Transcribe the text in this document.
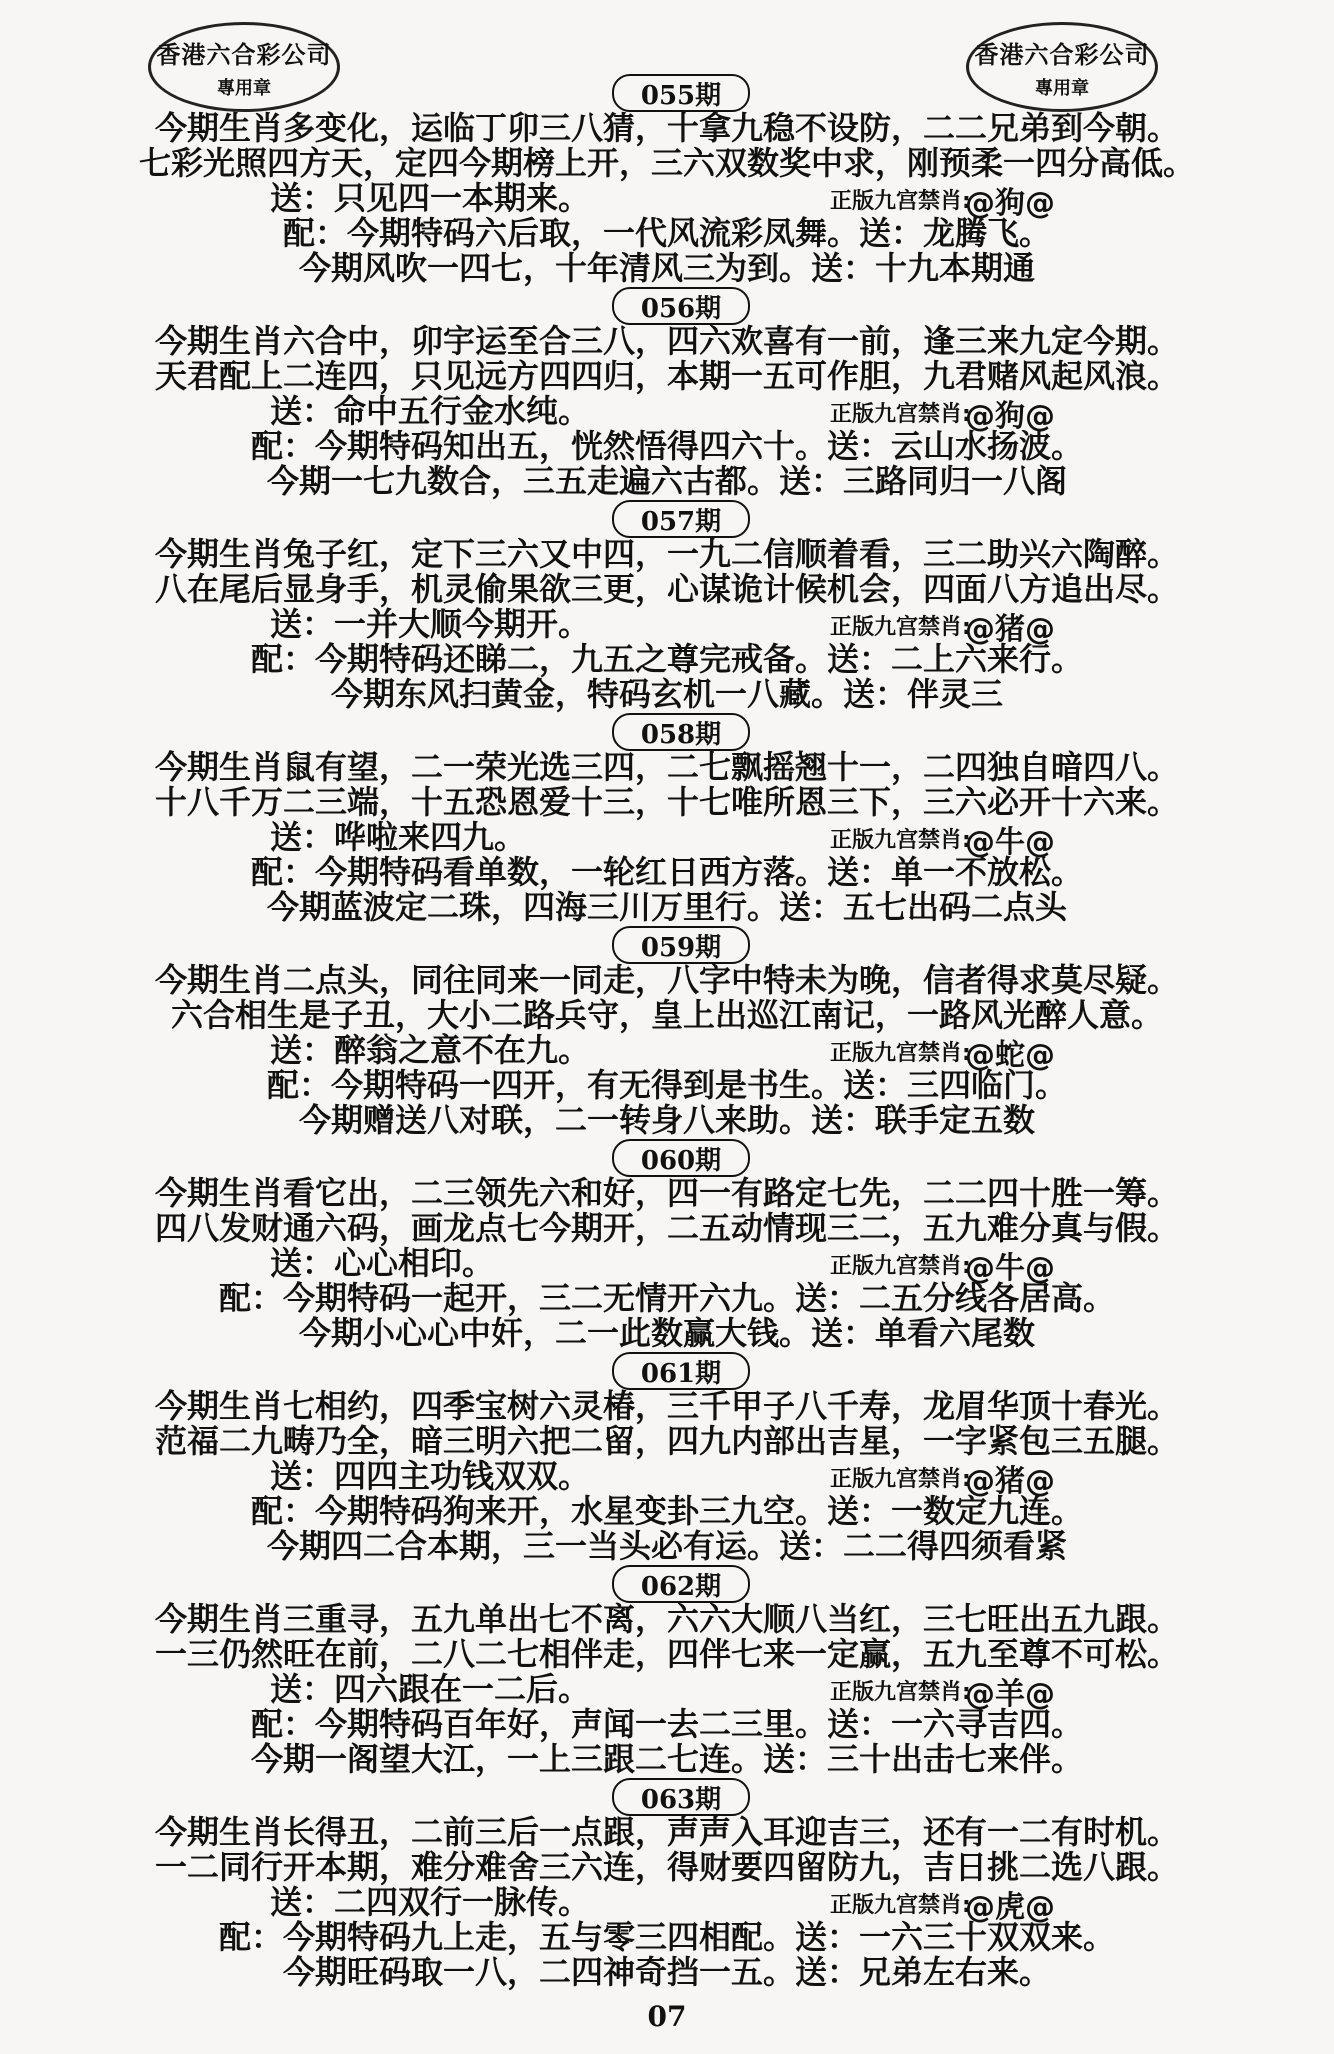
香港六合彩公司
專用章
香港六合彩公司
專用章
055期
今期生肖多变化，运临丁卯三八猜，十拿九稳不设防，二二兄弟到今朝。
七彩光照四方天，定四今期榜上开，三六双数奖中求，刚预柔一四分高低。
送：只见四一本期来。	正版九宫禁肖:
@狗@
配：今期特码六后取，一代风流彩凤舞。送：龙腾飞。
今期风吹一四七，十年清风三为到。送：十九本期通
056期
今期生肖六合中，卯宇运至合三八，四六欢喜有一前，逢三来九定今期。
天君配上二连四，只见远方四四归，本期一五可作胆，九君赌风起风浪。
送：命中五行金水纯。	正版九宫禁肖:
@狗@
配：今期特码知出五，恍然悟得四六十。送：云山水扬波。
今期一七九数合，三五走遍六古都。送：三路同归一八阁
057期
今期生肖兔子红，定下三六又中四，一九二信顺着看，三二助兴六陶醉。
八在尾后显身手，机灵偷果欲三更，心谋诡计候机会，四面八方追出尽。
送：一并大顺今期开。	正版九宫禁肖:
@猪@
配：今期特码还睇二，九五之尊完戒备。送：二上六来行。
今期东风扫黄金，特码玄机一八藏。送：伴灵三
058期
今期生肖鼠有望，二一荣光选三四，二七飘摇翘十一，二四独自暗四八。
十八千万二三端，十五恐恩爱十三，十七唯所恩三下，三六必开十六来。
送：哗啦来四九。	正版九宫禁肖:
@牛@
配：今期特码看单数，一轮红日西方落。送：单一不放松。
今期蓝波定二珠，四海三川万里行。送：五七出码二点头
059期
今期生肖二点头，同往同来一同走，八字中特未为晚，信者得求莫尽疑。
六合相生是子丑，大小二路兵守，皇上出巡江南记，一路风光醉人意。
送：醉翁之意不在九。	正版九宫禁肖:
@蛇@
配：今期特码一四开，有无得到是书生。送：三四临门。
今期赠送八对联，二一转身八来助。送：联手定五数
060期
今期生肖看它出，二三领先六和好，四一有路定七先，二二四十胜一筹。
四八发财通六码，画龙点七今期开，二五动情现三二，五九难分真与假。
送：心心相印。	正版九宫禁肖:
@牛@
配：今期特码一起开，三二无情开六九。送：二五分线各居高。
今期小心心中奸，二一此数赢大钱。送：单看六尾数
061期
今期生肖七相约，四季宝树六灵椿，三千甲子八千寿，龙眉华顶十春光。
范福二九畴乃全，暗三明六把二留，四九内部出吉星，一字紧包三五腿。
送：四四主功钱双双。	正版九宫禁肖:
@猪@
配：今期特码狗来开，水星变卦三九空。送：一数定九连。
今期四二合本期，三一当头必有运。送：二二得四须看紧
062期
今期生肖三重寻，五九单出七不离，六六大顺八当红，三七旺出五九跟。
一三仍然旺在前，二八二七相伴走，四伴七来一定赢，五九至尊不可松。
送：四六跟在一二后。	正版九宫禁肖:
@羊@
配：今期特码百年好，声闻一去二三里。送：一六寻吉四。
今期一阁望大江，一上三跟二七连。送：三十出击七来伴。
063期
今期生肖长得丑，二前三后一点跟，声声入耳迎吉三，还有一二有时机。
一二同行开本期，难分难舍三六连，得财要四留防九，吉日挑二选八跟。
送：二四双行一脉传。	正版九宫禁肖:
@虎@
配：今期特码九上走，五与零三四相配。送：一六三十双双来。
今期旺码取一八，二四神奇挡一五。送：兄弟左右来。
07
